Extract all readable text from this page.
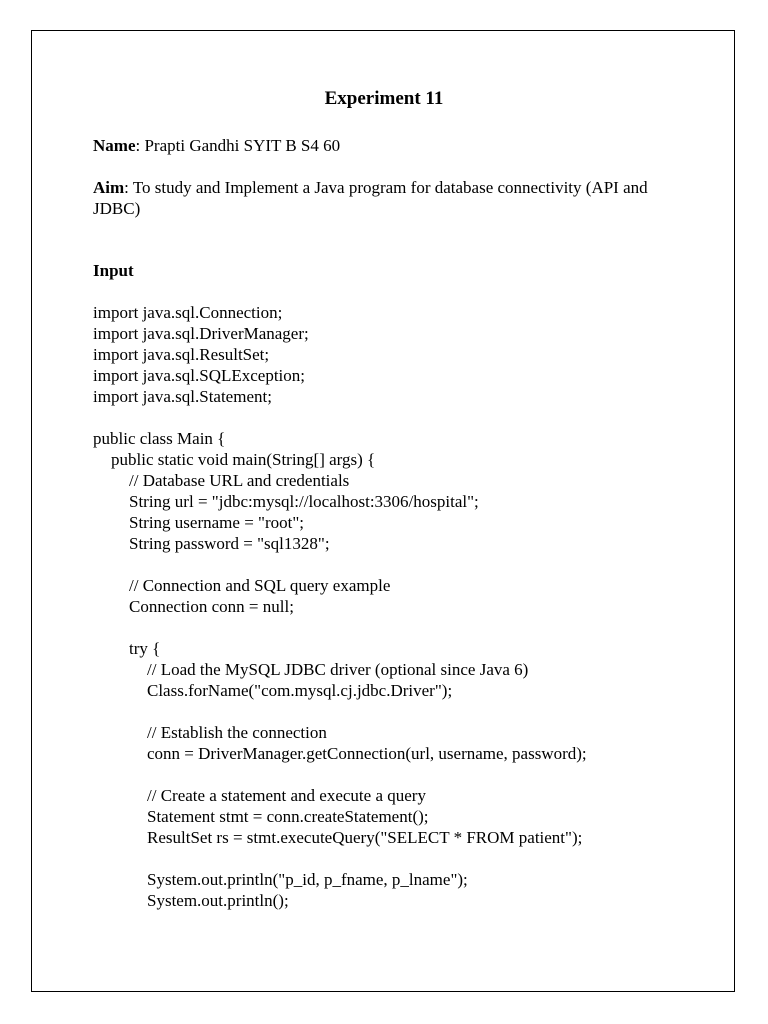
Experiment 11
Name: Prapti Gandhi SYIT B S4 60
Aim: To study and Implement a Java program for database connectivity (API and JDBC)
Input
import java.sql.Connection;
import java.sql.DriverManager;
import java.sql.ResultSet;
import java.sql.SQLException;
import java.sql.Statement;
public class Main {
public static void main(String[] args) {
// Database URL and credentials
String url = "jdbc:mysql://localhost:3306/hospital";
String username = "root";
String password = "sql1328";
// Connection and SQL query example
Connection conn = null;
try {
// Load the MySQL JDBC driver (optional since Java 6)
Class.forName("com.mysql.cj.jdbc.Driver");
// Establish the connection
conn = DriverManager.getConnection(url, username, password);
// Create a statement and execute a query
Statement stmt = conn.createStatement();
ResultSet rs = stmt.executeQuery("SELECT * FROM patient");
System.out.println("p_id, p_fname, p_lname");
System.out.println();
